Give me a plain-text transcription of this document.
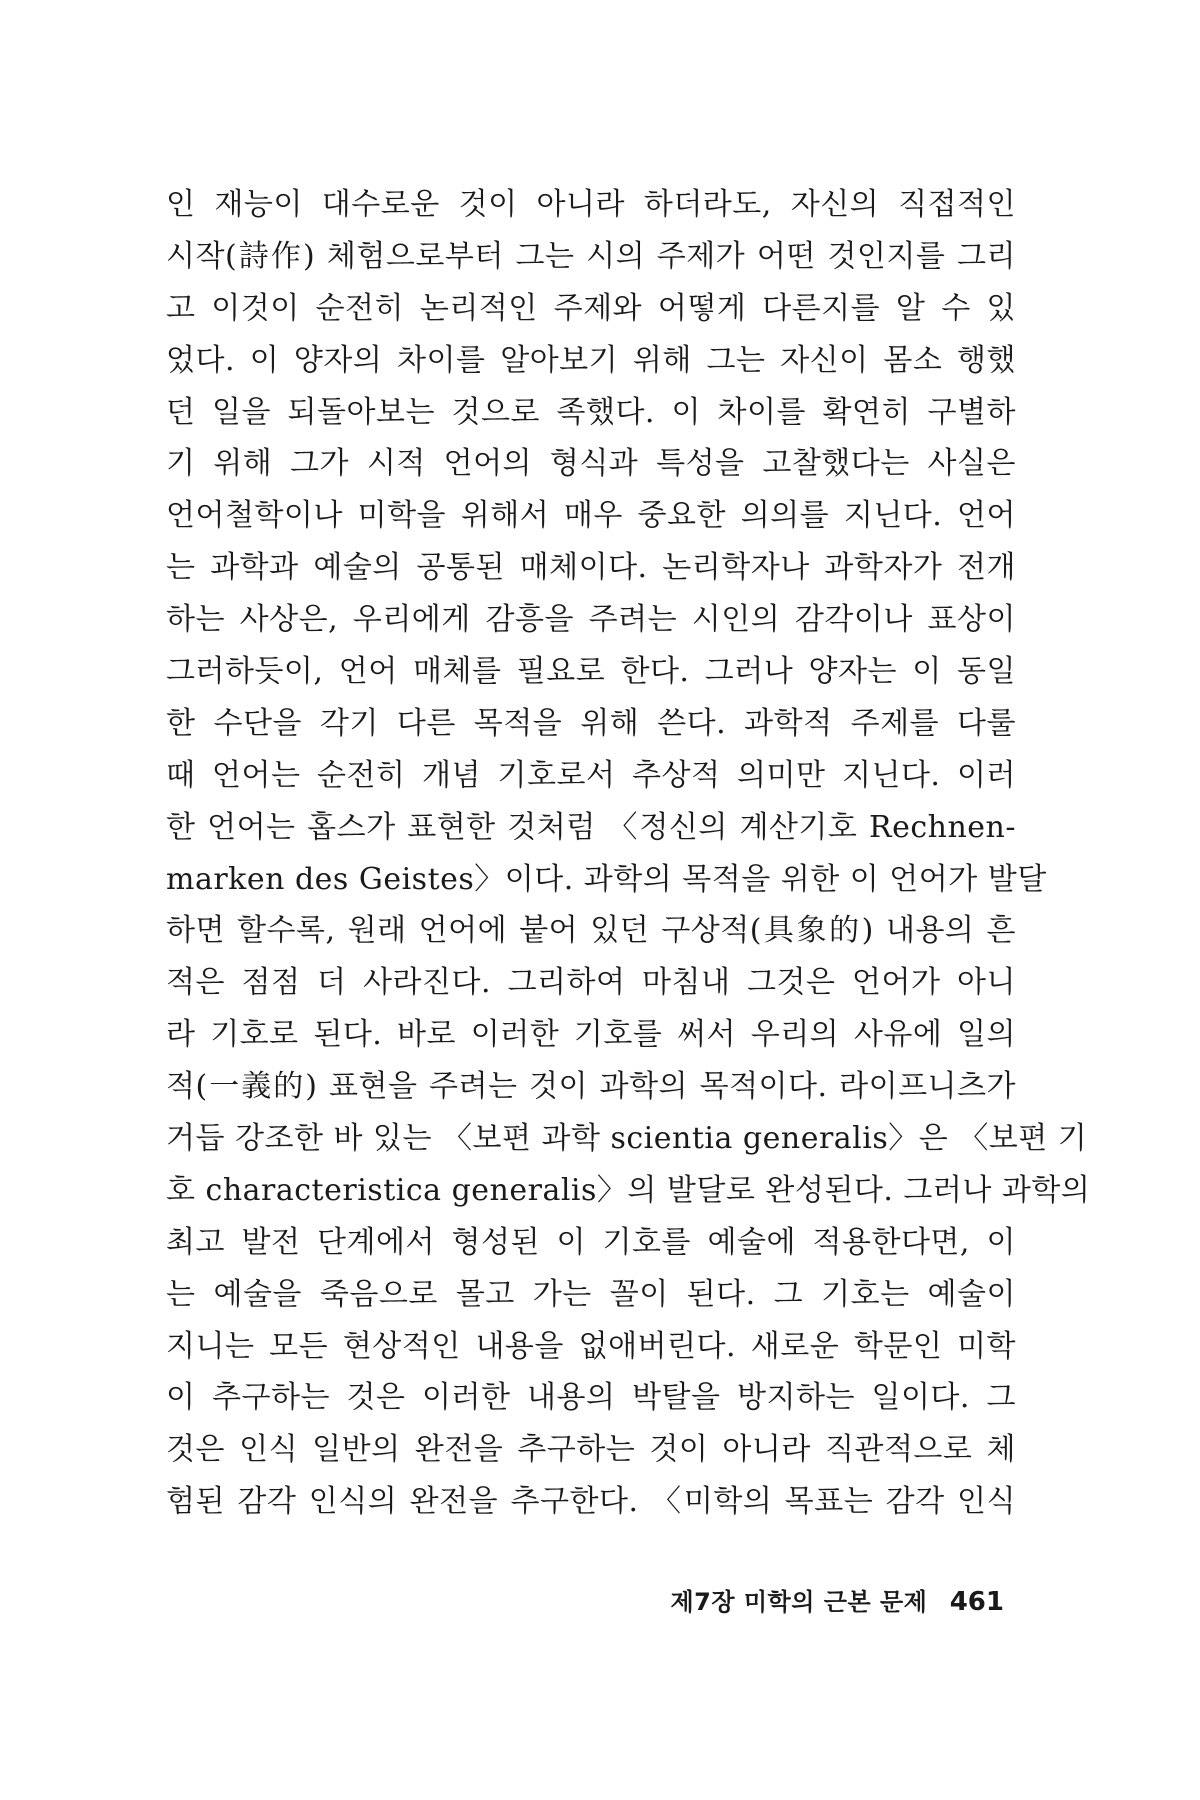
인 재능이 대수로운 것이 아니라 하더라도, 자신의 직접적인
시작(詩作) 체험으로부터 그는 시의 주제가 어떤 것인지를 그리
고 이것이 순전히 논리적인 주제와 어떻게 다른지를 알 수 있
었다. 이 양자의 차이를 알아보기 위해 그는 자신이 몸소 행했
던 일을 되돌아보는 것으로 족했다. 이 차이를 확연히 구별하
기 위해 그가 시적 언어의 형식과 특성을 고찰했다는 사실은
언어철학이나 미학을 위해서 매우 중요한 의의를 지닌다. 언어
는 과학과 예술의 공통된 매체이다. 논리학자나 과학자가 전개
하는 사상은, 우리에게 감흥을 주려는 시인의 감각이나 표상이
그러하듯이, 언어 매체를 필요로 한다. 그러나 양자는 이 동일
한 수단을 각기 다른 목적을 위해 쓴다. 과학적 주제를 다룰
때 언어는 순전히 개념 기호로서 추상적 의미만 지닌다. 이러
한 언어는 홉스가 표현한 것처럼 〈정신의 계산기호 Rechnen-
marken des Geistes〉이다. 과학의 목적을 위한 이 언어가 발달
하면 할수록, 원래 언어에 붙어 있던 구상적(具象的) 내용의 흔
적은 점점 더 사라진다. 그리하여 마침내 그것은 언어가 아니
라 기호로 된다. 바로 이러한 기호를 써서 우리의 사유에 일의
적(一義的) 표현을 주려는 것이 과학의 목적이다. 라이프니츠가
거듭 강조한 바 있는 〈보편 과학 scientia generalis〉은 〈보편 기
호 characteristica generalis〉의 발달로 완성된다. 그러나 과학의
최고 발전 단계에서 형성된 이 기호를 예술에 적용한다면, 이
는 예술을 죽음으로 몰고 가는 꼴이 된다. 그 기호는 예술이
지니는 모든 현상적인 내용을 없애버린다. 새로운 학문인 미학
이 추구하는 것은 이러한 내용의 박탈을 방지하는 일이다. 그
것은 인식 일반의 완전을 추구하는 것이 아니라 직관적으로 체
험된 감각 인식의 완전을 추구한다. 〈미학의 목표는 감각 인식
제7장 미학의 근본 문제 461
